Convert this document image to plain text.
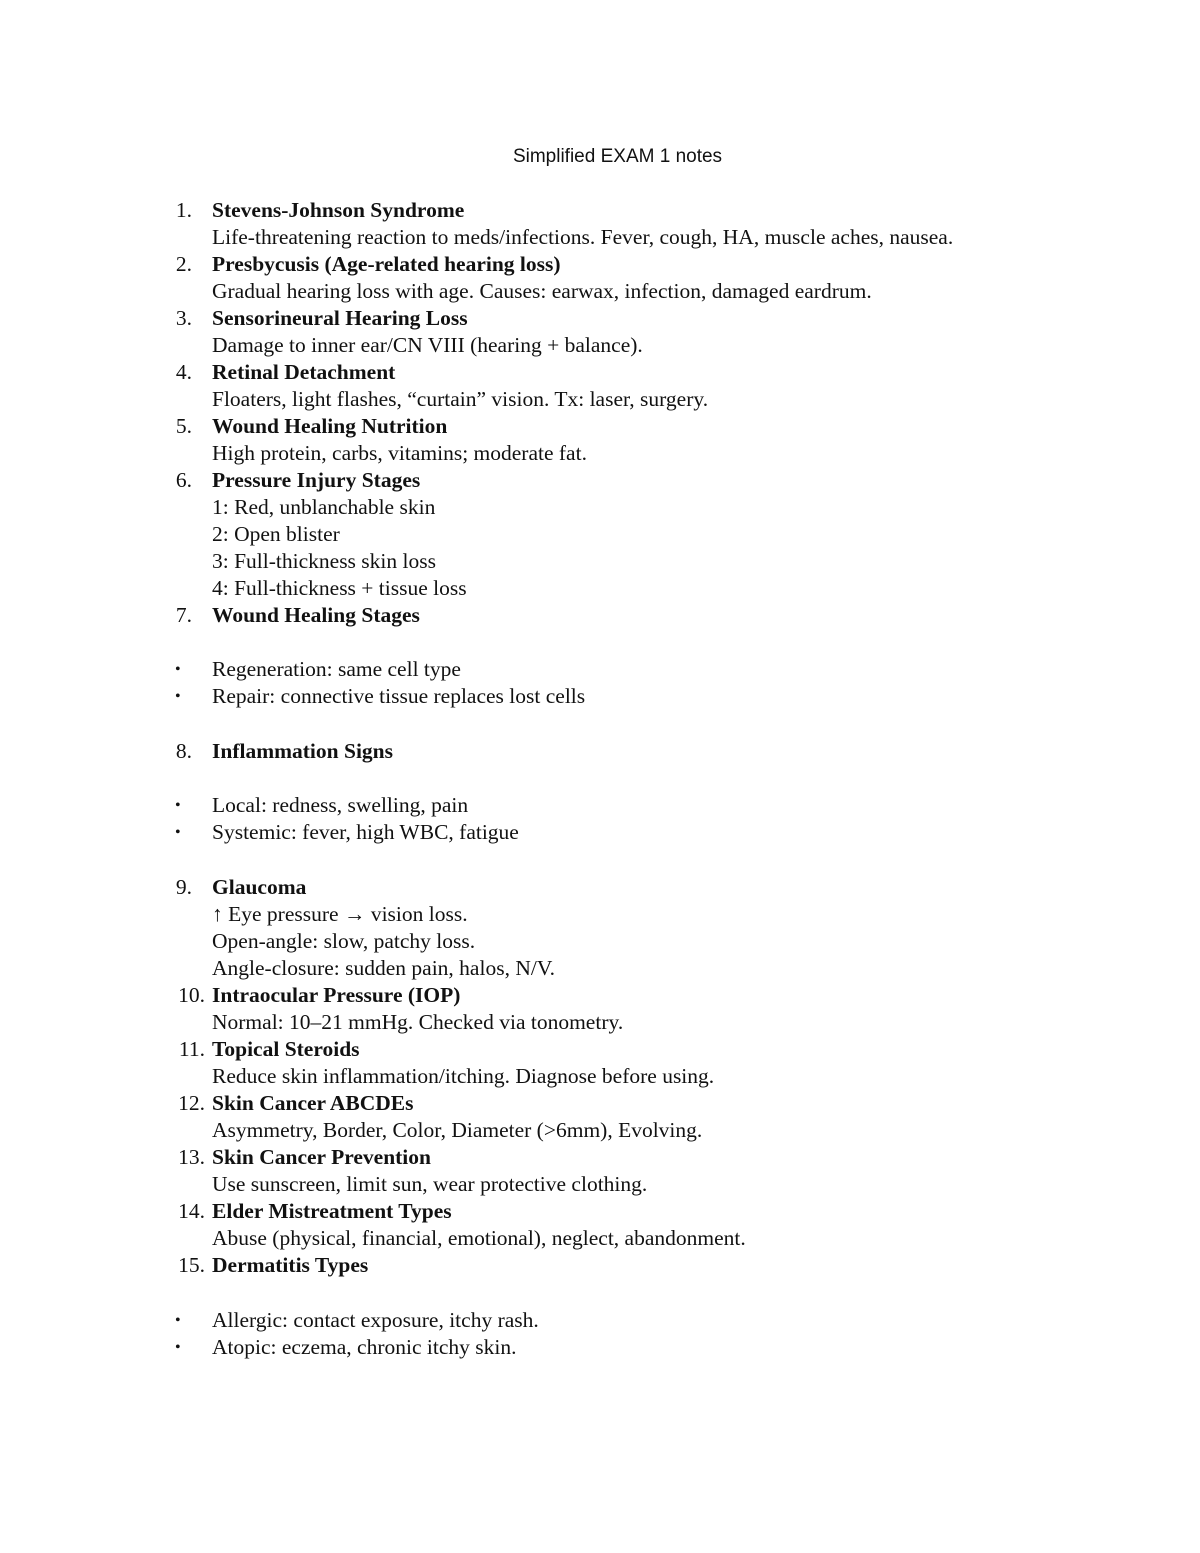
Simplified EXAM 1 notes
1. Stevens-Johnson Syndrome
Life-threatening reaction to meds/infections. Fever, cough, HA, muscle aches, nausea.
2. Presbycusis (Age-related hearing loss)
Gradual hearing loss with age. Causes: earwax, infection, damaged eardrum.
3. Sensorineural Hearing Loss
Damage to inner ear/CN VIII (hearing + balance).
4. Retinal Detachment
Floaters, light flashes, “curtain” vision. Tx: laser, surgery.
5. Wound Healing Nutrition
High protein, carbs, vitamins; moderate fat.
6. Pressure Injury Stages
1: Red, unblanchable skin
2: Open blister
3: Full-thickness skin loss
4: Full-thickness + tissue loss
7. Wound Healing Stages
• Regeneration: same cell type
• Repair: connective tissue replaces lost cells
8. Inflammation Signs
• Local: redness, swelling, pain
• Systemic: fever, high WBC, fatigue
9. Glaucoma
↑ Eye pressure → vision loss.
Open-angle: slow, patchy loss.
Angle-closure: sudden pain, halos, N/V.
10. Intraocular Pressure (IOP)
Normal: 10–21 mmHg. Checked via tonometry.
11. Topical Steroids
Reduce skin inflammation/itching. Diagnose before using.
12. Skin Cancer ABCDEs
Asymmetry, Border, Color, Diameter (>6mm), Evolving.
13. Skin Cancer Prevention
Use sunscreen, limit sun, wear protective clothing.
14. Elder Mistreatment Types
Abuse (physical, financial, emotional), neglect, abandonment.
15. Dermatitis Types
• Allergic: contact exposure, itchy rash.
• Atopic: eczema, chronic itchy skin.
